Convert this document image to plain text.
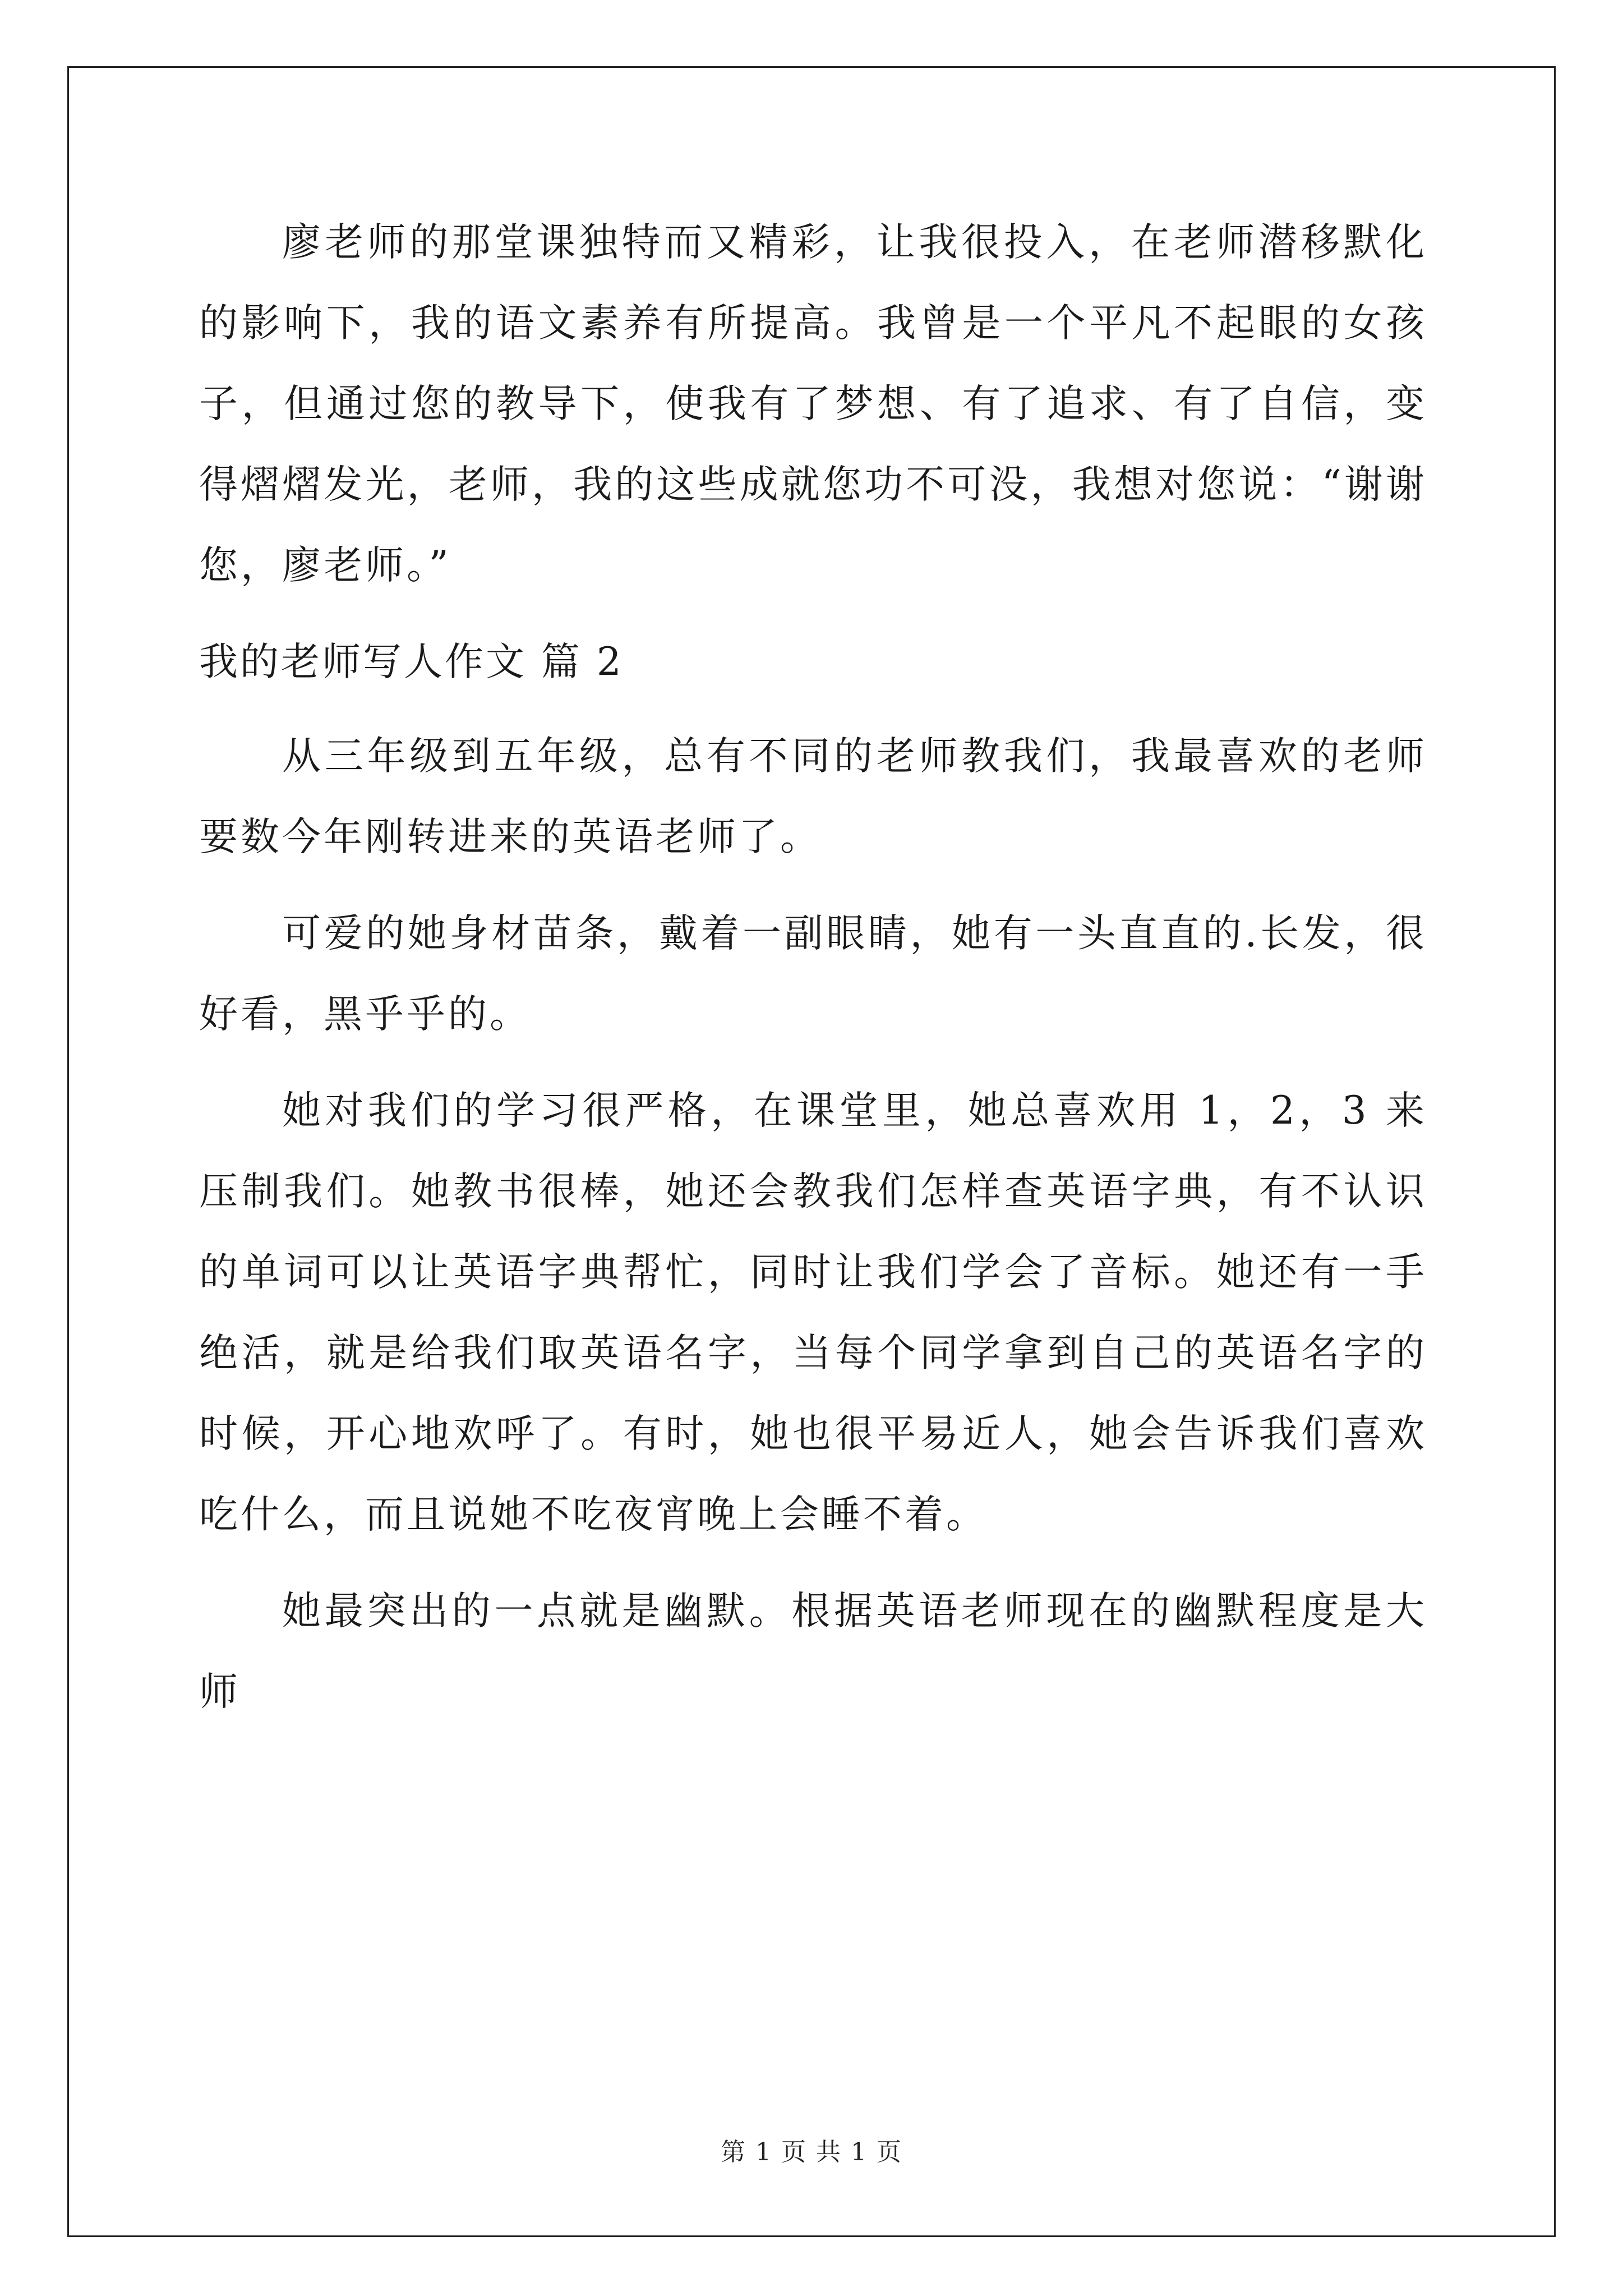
廖老师的那堂课独特而又精彩，让我很投入，在老师潜移默化的影响下，我的语文素养有所提高。我曾是一个平凡不起眼的女孩子，但通过您的教导下，使我有了梦想、有了追求、有了自信，变得熠熠发光，老师，我的这些成就您功不可没，我想对您说：“谢谢您，廖老师。”

我的老师写人作文 篇 2

从三年级到五年级，总有不同的老师教我们，我最喜欢的老师要数今年刚转进来的英语老师了。

可爱的她身材苗条，戴着一副眼睛，她有一头直直的.长发，很好看，黑乎乎的。

她对我们的学习很严格，在课堂里，她总喜欢用 1，2，3 来压制我们。她教书很棒，她还会教我们怎样查英语字典，有不认识的单词可以让英语字典帮忙，同时让我们学会了音标。她还有一手绝活，就是给我们取英语名字，当每个同学拿到自己的英语名字的时候，开心地欢呼了。有时，她也很平易近人，她会告诉我们喜欢吃什么，而且说她不吃夜宵晚上会睡不着。

她最突出的一点就是幽默。根据英语老师现在的幽默程度是大师

第 1 页 共 1 页
